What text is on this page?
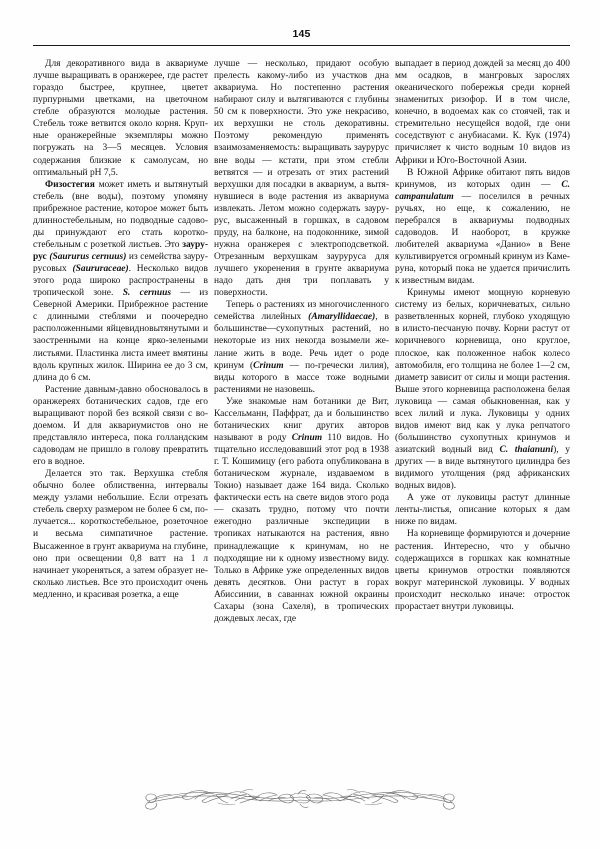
145

Для декоративного вида в аквариуме лучше выращивать в оранжерее, где растет гораздо быстрее, крупнее, цветет пурпурными цветками, на цветочном стебле образуются молодые растения. Стебель тоже ветвится около корня. Крупные оранжерейные экземпляры можно погружать на 3—5 месяцев. Условия содержания близкие к самолусам, но оптимальный рН 7,5.

Физостегия может иметь и вытянутый стебель (вне воды), поэтому упомяну прибрежное растение, которое может быть длинностебельным, но подводные садоводы принуждают его стать короткостебельным с розеткой листьев. Это заурурус (Saururus cernuus) из семейства заурурусовых (Saururaceae). Несколько видов этого рода широко распространены в тропической зоне. S. cernuus — из Северной Америки. Прибрежное растение с длинными стеблями и поочередно расположенными яйцевидновытянутыми и заостренными на конце ярко-зелеными листьями. Пластинка листа имеет вмятины вдоль крупных жилок. Ширина ее до 3 см, длина до 6 см.

Растение давным-давно обосновалось в оранжереях ботанических садов, где его выращивают порой без всякой связи с водоемом. И для аквариумистов оно не представляло интереса, пока голландским садоводам не пришло в голову превратить его в водное.

Делается это так. Верхушка стебля обычно более облиственна, интервалы между узлами небольшие. Если отрезать стебель сверху размером не более 6 см, получается... короткостебельное, розеточное и весьма симпатичное растение. Высаженное в грунт аквариума на глубине, оно при освещении 0,8 ватт на 1 л начинает укореняться, а затем образует несколько листьев. Все это происходит очень медленно, и красивая розетка, а еще

лучше — несколько, придают особую прелесть какому-либо из участков дна аквариума. Но постепенно растения набирают силу и вытягиваются с глубины 50 см к поверхности. Это уже некрасиво, их верхушки не столь декоративны. Поэтому рекомендую применять взаимозаменяемость: выращивать заурурус вне воды — кстати, при этом стебли ветвятся — и отрезать от этих растений верхушки для посадки в аквариум, а вытянувшиеся в воде растения из аквариума извлекать. Летом можно содержать заурурус, высаженный в горшках, в садовом пруду, на балконе, на подоконнике, зимой нужна оранжерея с электроподсветкой. Отрезанным верхушкам зауруруса для лучшего укоренения в грунте аквариума надо дать дня три поплавать у поверхности.

Теперь о растениях из многочисленного семейства лилейных (Amaryllidaeсae), в большинстве—сухопутных растений, но некоторые из них некогда возымели желание жить в воде. Речь идет о роде кринум (Crinum — по-гречески лилия), виды которого в массе тоже водными растениями не назовешь.

Уже знакомые нам ботаники де Вит, Кассельманн, Паффрат, да и большинство ботанических книг других авторов называют в роду Crinum 110 видов. Но тщательно исследовавший этот род в 1938 г. Т. Кошимицу (его работа опубликована в ботаническом журнале, издаваемом в Токио) называет даже 164 вида. Сколько фактически есть на свете видов этого рода — сказать трудно, потому что почти ежегодно различные экспедиции в тропиках натыкаются на растения, явно принадлежащие к кринумам, но не подходящие ни к одному известному виду. Только в Африке уже определенных видов девять десятков. Они растут в горах Абиссинии, в саваннах южной окраины Сахары (зона Сахеля), в тропических дождевых лесах, где

выпадает в период дождей за месяц до 400 мм осадков, в мангровых зарослях океанического побережья среди корней знаменитых ризофор. И в том числе, конечно, в водоемах как со стоячей, так и стремительно несущейся водой, где они соседствуют с анубиасами. К. Кук (1974) причисляет к чисто водным 10 видов из Африки и Юго-Восточной Азии.

В Южной Африке обитают пять видов кринумов, из которых один — C. campanulatum — поселился в речных ручьях, но еще, к сожалению, не перебрался в аквариумы подводных садоводов. И наоборот, в кружке любителей аквариума «Данио» в Вене культивируется огромный кринум из Камеруна, который пока не удается причислить к известным видам.

Кринумы имеют мощную корневую систему из белых, коричневатых, сильно разветвленных корней, глубоко уходящую в илисто-песчаную почву. Корни растут от коричневого корневища, оно круглое, плоское, как положенное набок колесо автомобиля, его толщина не более 1—2 см, диаметр зависит от силы и мощи растения. Выше этого корневища расположена белая луковица — самая обыкновенная, как у всех лилий и лука. Луковицы у одних видов имеют вид как у лука репчатого (большинство сухопутных кринумов и азиатский водный вид C. thaianuni), у других — в виде вытянутого цилиндра без видимого утолщения (ряд африканских водных видов).

А уже от луковицы растут длинные ленты-листья, описание которых я дам ниже по видам.

На корневище формируются и дочерние растения. Интересно, что у обычно содержащихся в горшках как комнатные цветы кринумов отростки появляются вокруг материнской луковицы. У водных происходит несколько иначе: отросток прорастает внутри луковицы.
